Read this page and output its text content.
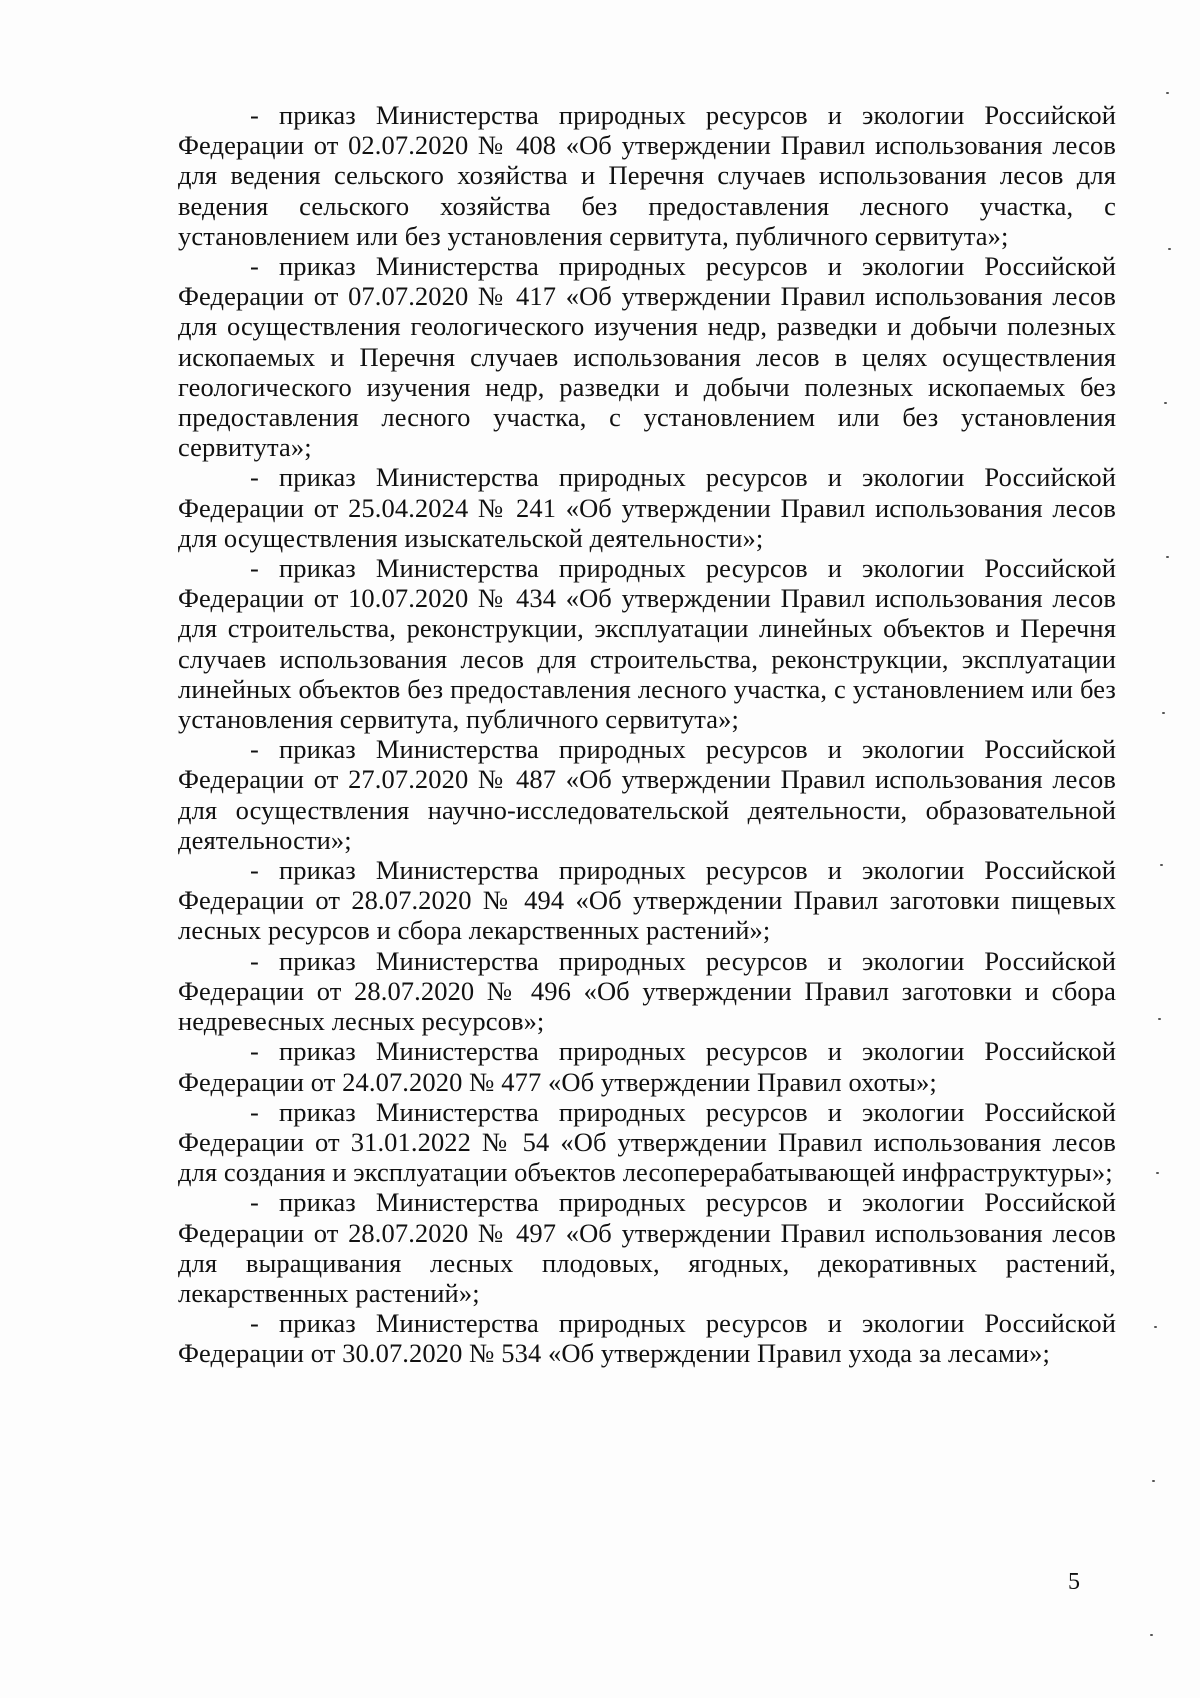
- приказ Министерства природных ресурсов и экологии Российской Федерации от 02.07.2020 № 408 «Об утверждении Правил использования лесов для ведения сельского хозяйства и Перечня случаев использования лесов для ведения сельского хозяйства без предоставления лесного участка, с установлением или без установления сервитута, публичного сервитута»;

- приказ Министерства природных ресурсов и экологии Российской Федерации от 07.07.2020 № 417 «Об утверждении Правил использования лесов для осуществления геологического изучения недр, разведки и добычи полезных ископаемых и Перечня случаев использования лесов в целях осуществления геологического изучения недр, разведки и добычи полезных ископаемых без предоставления лесного участка, с установлением или без установления сервитута»;

- приказ Министерства природных ресурсов и экологии Российской Федерации от 25.04.2024 № 241 «Об утверждении Правил использования лесов для осуществления изыскательской деятельности»;

- приказ Министерства природных ресурсов и экологии Российской Федерации от 10.07.2020 № 434 «Об утверждении Правил использования лесов для строительства, реконструкции, эксплуатации линейных объектов и Перечня случаев использования лесов для строительства, реконструкции, эксплуатации линейных объектов без предоставления лесного участка, с установлением или без установления сервитута, публичного сервитута»;

- приказ Министерства природных ресурсов и экологии Российской Федерации от 27.07.2020 № 487 «Об утверждении Правил использования лесов для осуществления научно-исследовательской деятельности, образовательной деятельности»;

- приказ Министерства природных ресурсов и экологии Российской Федерации от 28.07.2020 № 494 «Об утверждении Правил заготовки пищевых лесных ресурсов и сбора лекарственных растений»;

- приказ Министерства природных ресурсов и экологии Российской Федерации от 28.07.2020 № 496 «Об утверждении Правил заготовки и сбора недревесных лесных ресурсов»;

- приказ Министерства природных ресурсов и экологии Российской Федерации от 24.07.2020 № 477 «Об утверждении Правил охоты»;

- приказ Министерства природных ресурсов и экологии Российской Федерации от 31.01.2022 № 54 «Об утверждении Правил использования лесов для создания и эксплуатации объектов лесоперерабатывающей инфраструктуры»;

- приказ Министерства природных ресурсов и экологии Российской Федерации от 28.07.2020 № 497 «Об утверждении Правил использования лесов для выращивания лесных плодовых, ягодных, декоративных растений, лекарственных растений»;

- приказ Министерства природных ресурсов и экологии Российской Федерации от 30.07.2020 № 534 «Об утверждении Правил ухода за лесами»;

5
